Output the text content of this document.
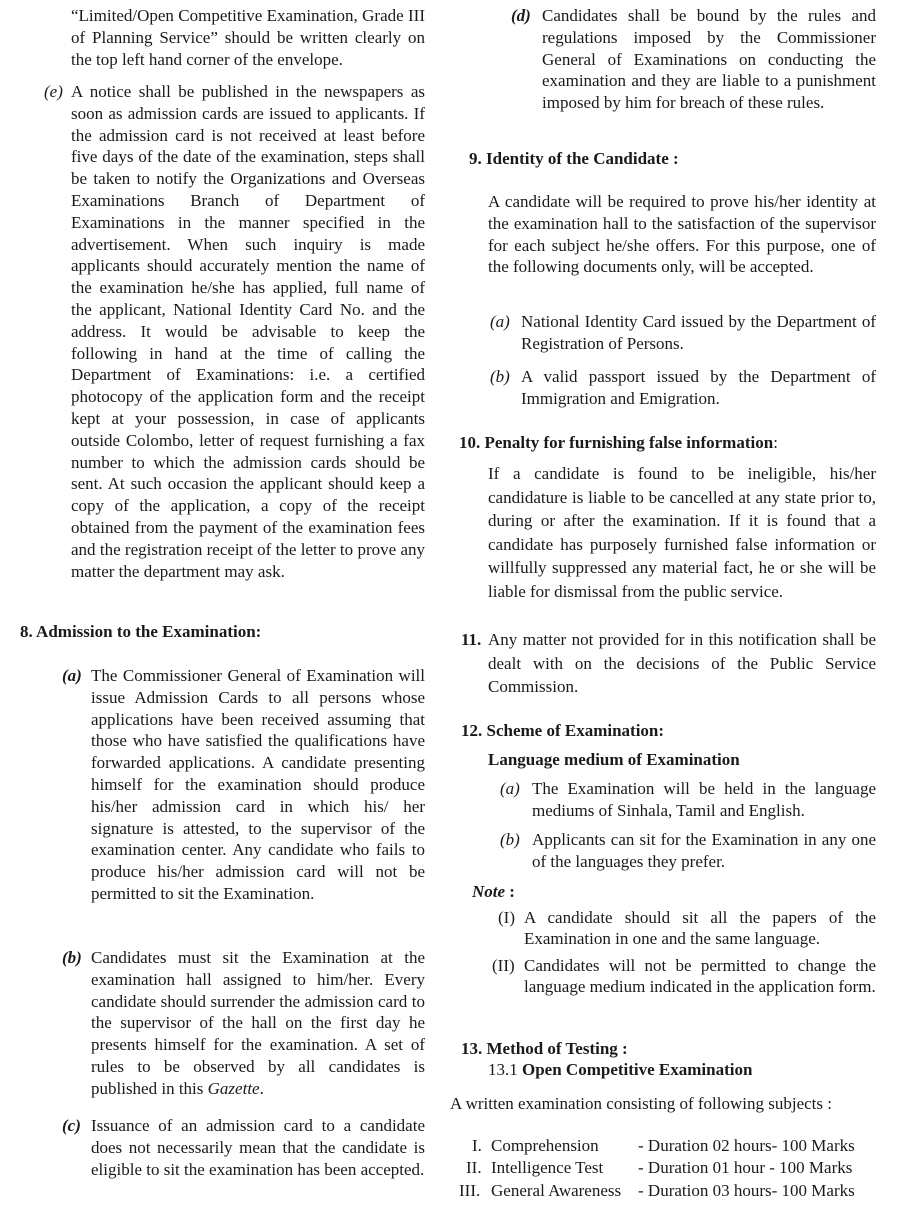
“Limited/Open Competitive Examination, Grade III of Planning Service” should be written clearly on the top left hand corner of the envelope.

(e) A notice shall be published in the newspapers as soon as admission cards are issued to applicants. If the admission card is not received at least before five days of the date of the examination, steps shall be taken to notify the Organizations and Overseas Examinations Branch of Department of Examinations in the manner specified in the advertisement. When such inquiry is made applicants should accurately mention the name of the examination he/she has applied, full name of the applicant, National Identity Card No. and the address. It would be advisable to keep the following in hand at the time of calling the Department of Examinations: i.e. a certified photocopy of the application form and the receipt kept at your possession, in case of applicants outside Colombo, letter of request furnishing a fax number to which the admission cards should be sent. At such occasion the applicant should keep a copy of the application, a copy of the receipt obtained from the payment of the examination fees and the registration receipt of the letter to prove any matter the department may ask.

8. Admission to the Examination:
(a) The Commissioner General of Examination will issue Admission Cards to all persons whose applications have been received assuming that those who have satisfied the qualifications have forwarded applications. A candidate presenting himself for the examination should produce his/her admission card in which his/ her signature is attested, to the supervisor of the examination center. Any candidate who fails to produce his/her admission card will not be permitted to sit the Examination.

(b) Candidates must sit the Examination at the examination hall assigned to him/her. Every candidate should surrender the admission card to the supervisor of the hall on the first day he presents himself for the examination. A set of rules to be observed by all candidates is published in this Gazette.

(c) Issuance of an admission card to a candidate does not necessarily mean that the candidate is eligible to sit the examination has been accepted.

(d) Candidates shall be bound by the rules and regulations imposed by the Commissioner General of Examinations on conducting the examination and they are liable to a punishment imposed by him for breach of these rules.

9. Identity of the Candidate :

A candidate will be required to prove his/her identity at the examination hall to the satisfaction of the supervisor for each subject he/she offers. For this purpose, one of the following documents only, will be accepted.

(a) National Identity Card issued by the Department of Registration of Persons.

(b) A valid passport issued by the Department of Immigration and Emigration.

10. Penalty for furnishing false information:

If a candidate is found to be ineligible, his/her candidature is liable to be cancelled at any state prior to, during or after the examination. If it is found that a candidate has purposely furnished false information or willfully suppressed any material fact, he or she will be liable for dismissal from the public service.

11. Any matter not provided for in this notification shall be dealt with on the decisions of the Public Service Commission.

12. Scheme of Examination:
Language medium of Examination
(a) The Examination will be held in the language mediums of Sinhala, Tamil and English.

(b) Applicants can sit for the Examination in any one of the languages they prefer.

Note :
(I) A candidate should sit all the papers of the Examination in one and the same language.

(II) Candidates will not be permitted to change the language medium indicated in the application form.

13. Method of Testing :
13.1 Open Competitive Examination
A written examination consisting of following subjects :
I. Comprehension - Duration 02 hours- 100 Marks
II. Intelligence Test - Duration 01 hour - 100 Marks
III. General Awareness - Duration 03 hours- 100 Marks
